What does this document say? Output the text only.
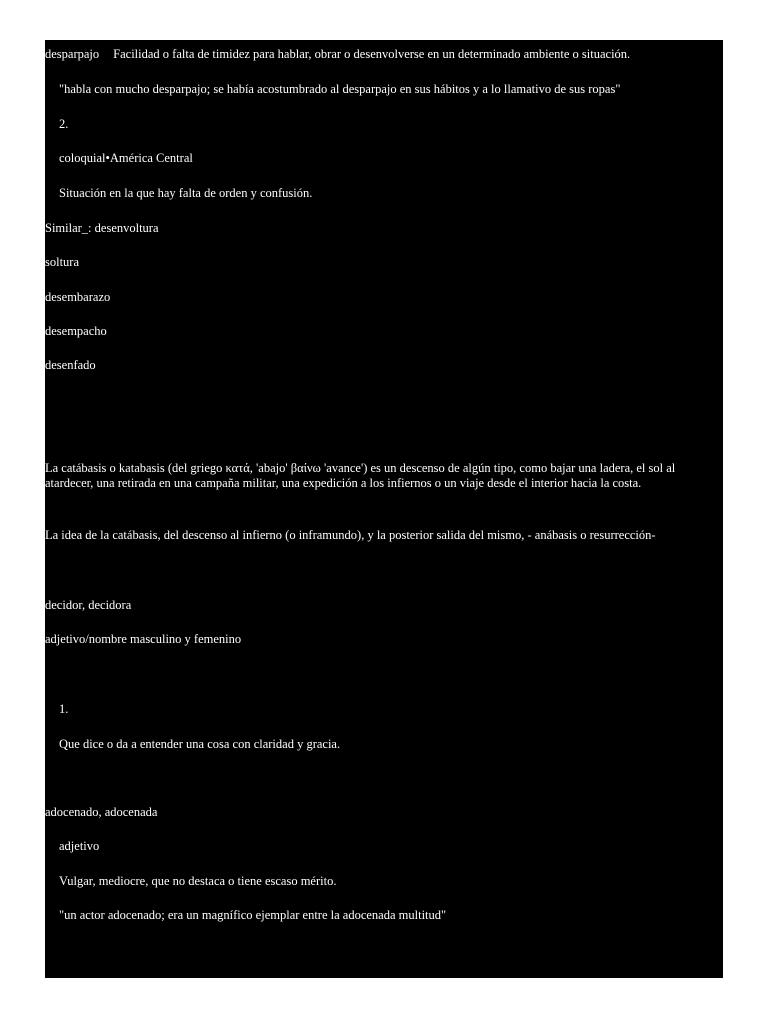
desparpajo Facilidad o falta de timidez para hablar, obrar o desenvolverse en un determinado ambiente o situación.
"habla con mucho desparpajo; se había acostumbrado al desparpajo en sus hábitos y a lo llamativo de sus ropas"
2.
coloquial•América Central
Situación en la que hay falta de orden y confusión.
Similar_: desenvoltura
soltura
desembarazo
desempacho
desenfado
La catábasis o katabasis (del griego κατά, 'abajo' βαίνω 'avance') es un descenso de algún tipo, como bajar una ladera, el sol al atardecer, una retirada en una campaña militar, una expedición a los infiernos o un viaje desde el interior hacia la costa.
La idea de la catábasis, del descenso al infierno (o inframundo), y la posterior salida del mismo, - anábasis o resurrección-
decidor, decidora
adjetivo/nombre masculino y femenino
1.
Que dice o da a entender una cosa con claridad y gracia.
adocenado, adocenada
adjetivo
Vulgar, mediocre, que no destaca o tiene escaso mérito.
"un actor adocenado; era un magnífico ejemplar entre la adocenada multitud"
